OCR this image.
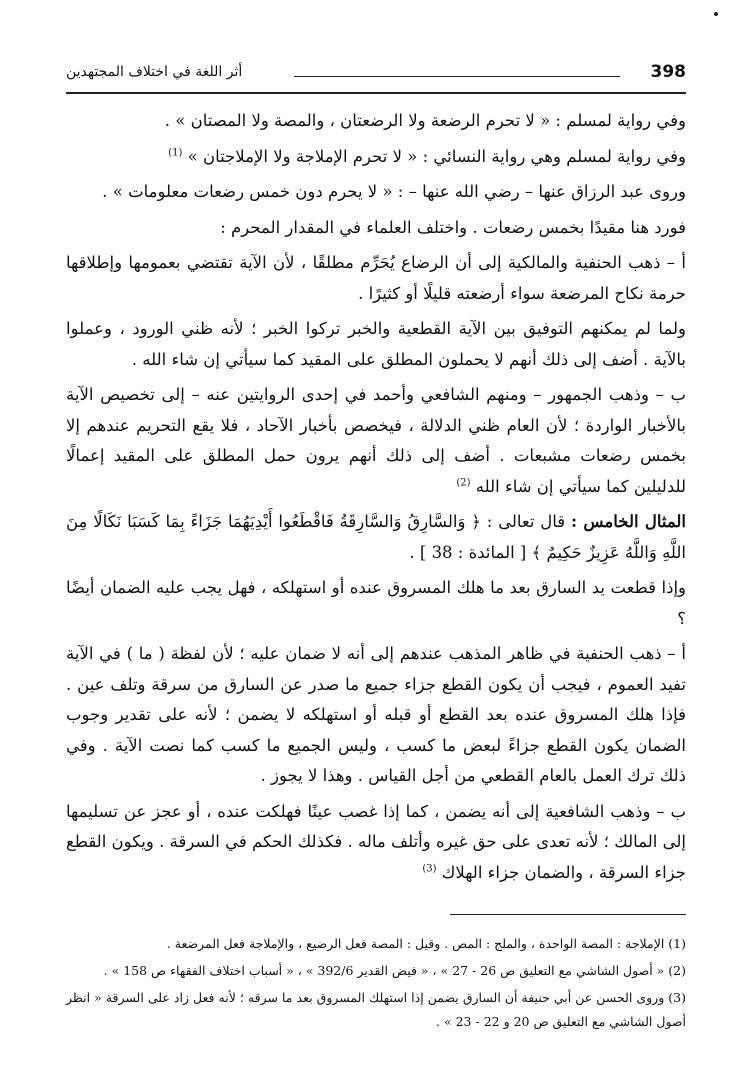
398
أثر اللغة في اختلاف المجتهدين

وفي رواية لمسلم : « لا تحرم الرضعة ولا الرضعتان ، والمصة ولا المصتان » .

وفي رواية لمسلم وهي رواية النسائي : « لا تحرم الإملاجة ولا الإملاجتان » $^{(1)}$

وروى عبد الرزاق عنها – رضي الله عنها – : « لا يحرم دون خمس رضعات معلومات » .

فورد هنا مقيدًا بخمس رضعات . واختلف العلماء في المقدار المحرم :

أ – ذهب الحنفية والمالكية إلى أن الرضاع يُحَرِّم مطلقًا ، لأن الآية تقتضي بعمومها وإطلاقها حرمة نكاح المرضعة سواء أرضعته قليلًا أو كثيرًا .

ولما لم يمكنهم التوفيق بين الآية القطعية والخبر تركوا الخبر ؛ لأنه ظني الورود ، وعملوا بالآية . أضف إلى ذلك أنهم لا يحملون المطلق على المقيد كما سيأتي إن شاء الله .

ب – وذهب الجمهور – ومنهم الشافعي وأحمد في إحدى الروايتين عنه – إلى تخصيص الآية بالأخبار الواردة ؛ لأن العام ظني الدلالة ، فيخصص بأخبار الآحاد ، فلا يقع التحريم عندهم إلا بخمس رضعات مشبعات . أضف إلى ذلك أنهم يرون حمل المطلق على المقيد إعمالًا للدليلين كما سيأتي إن شاء الله $^{(2)}$

المثال الخامس : قال تعالى : ﴿ وَالسَّارِقُ وَالسَّارِقَةُ فَاقْطَعُوا أَيْدِيَهُمَا جَزَاءً بِمَا كَسَبَا نَكَالًا مِنَ اللَّهِ وَاللَّهُ عَزِيزٌ حَكِيمٌ ﴾ [ المائدة : 38 ] .

وإذا قطعت يد السارق بعد ما هلك المسروق عنده أو استهلكه ، فهل يجب عليه الضمان أيضًا ؟

أ – ذهب الحنفية في ظاهر المذهب عندهم إلى أنه لا ضمان عليه ؛ لأن لفظة ( ما ) في الآية تفيد العموم ، فيجب أن يكون القطع جزاء جميع ما صدر عن السارق من سرقة وتلف عين . فإذا هلك المسروق عنده بعد القطع أو قبله أو استهلكه لا يضمن ؛ لأنه على تقدير وجوب الضمان يكون القطع جزاءً لبعض ما كسب ، وليس الجميع ما كسب كما نصت الآية . وفي ذلك ترك العمل بالعام القطعي من أجل القياس . وهذا لا يجوز .

ب – وذهب الشافعية إلى أنه يضمن ، كما إذا غصب عينًا فهلكت عنده ، أو عجز عن تسليمها إلى المالك ؛ لأنه تعدى على حق غيره وأتلف ماله . فكذلك الحكم في السرقة . ويكون القطع جزاء السرقة ، والضمان جزاء الهلاك $^{(3)}$

(1) الإملاجة : المصة الواحدة ، والملج : المص . وقيل : المصة فعل الرضيع ، والإملاجة فعل المرضعة .

(2) « أصول الشاشي مع التعليق ص 26 - 27 » ، « فيض القدير 392/6 » ، « أسباب اختلاف الفقهاء ص 158 » .

(3) وروى الحسن عن أبي حنيفة أن السارق يضمن إذا استهلك المسروق بعد ما سرقه ؛ لأنه فعل زاد على السرقة « انظر أصول الشاشي مع التعليق ص 20 و 22 - 23 » .
